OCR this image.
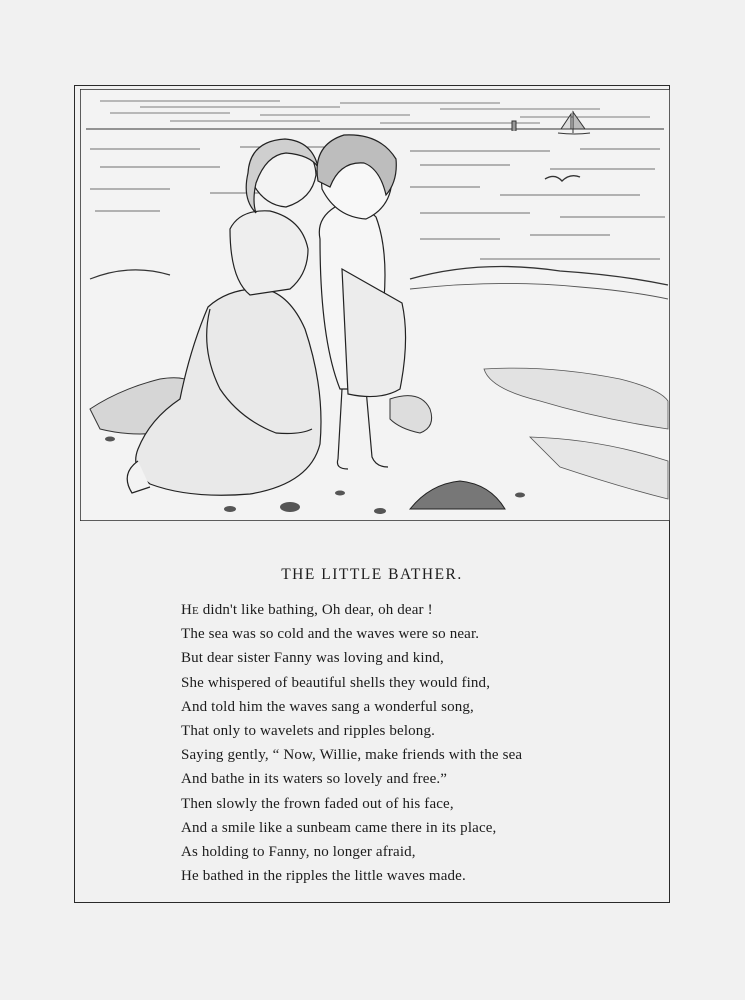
THE LITTLE BATHER.
He didn't like bathing, Oh dear, oh dear !
The sea was so cold and the waves were so near.
But dear sister Fanny was loving and kind,
She whispered of beautiful shells they would find,
And told him the waves sang a wonderful song,
That only to wavelets and ripples belong.
Saying gently, “ Now, Willie, make friends with the sea
And bathe in its waters so lovely and free.”
Then slowly the frown faded out of his face,
And a smile like a sunbeam came there in its place,
As holding to Fanny, no longer afraid,
He bathed in the ripples the little waves made.
